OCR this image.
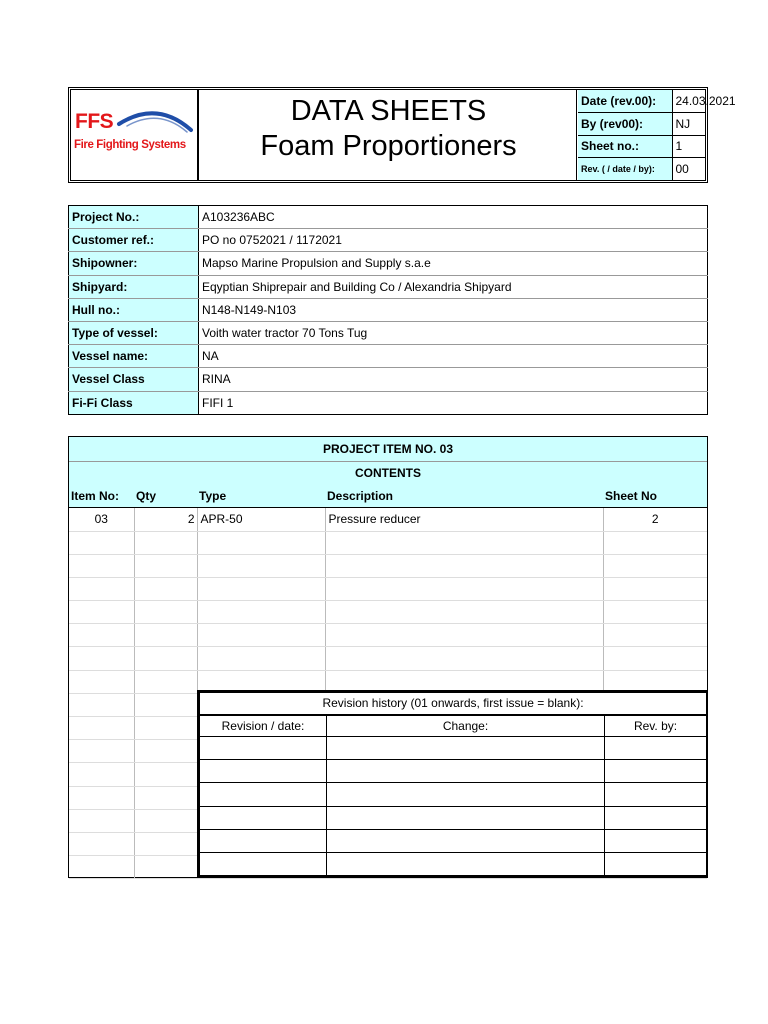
FFS
Fire Fighting Systems
DATA SHEETS
Foam Proportioners
Date (rev.00):	24.03.2021
By (rev00):	NJ
Sheet no.:	1
Rev. ( / date / by):	00
Project No.:	A103236ABC
Customer ref.:	PO no 0752021 / 1172021
Shipowner:	Mapso Marine Propulsion and Supply s.a.e
Shipyard:	Eqyptian Shiprepair and Building Co / Alexandria Shipyard
Hull no.:	N148-N149-N103
Type of vessel:	Voith water tractor 70 Tons Tug
Vessel name:	NA
Vessel Class	RINA
Fi-Fi Class	FIFI 1
PROJECT ITEM NO. 03				
CONTENTS				
Item No:	Qty	Type	Description	Sheet No
03	2	APR-50	Pressure reducer	2

Revision history (01 onwards, first issue = blank):		
Revision / date:	Change:	Rev. by:
